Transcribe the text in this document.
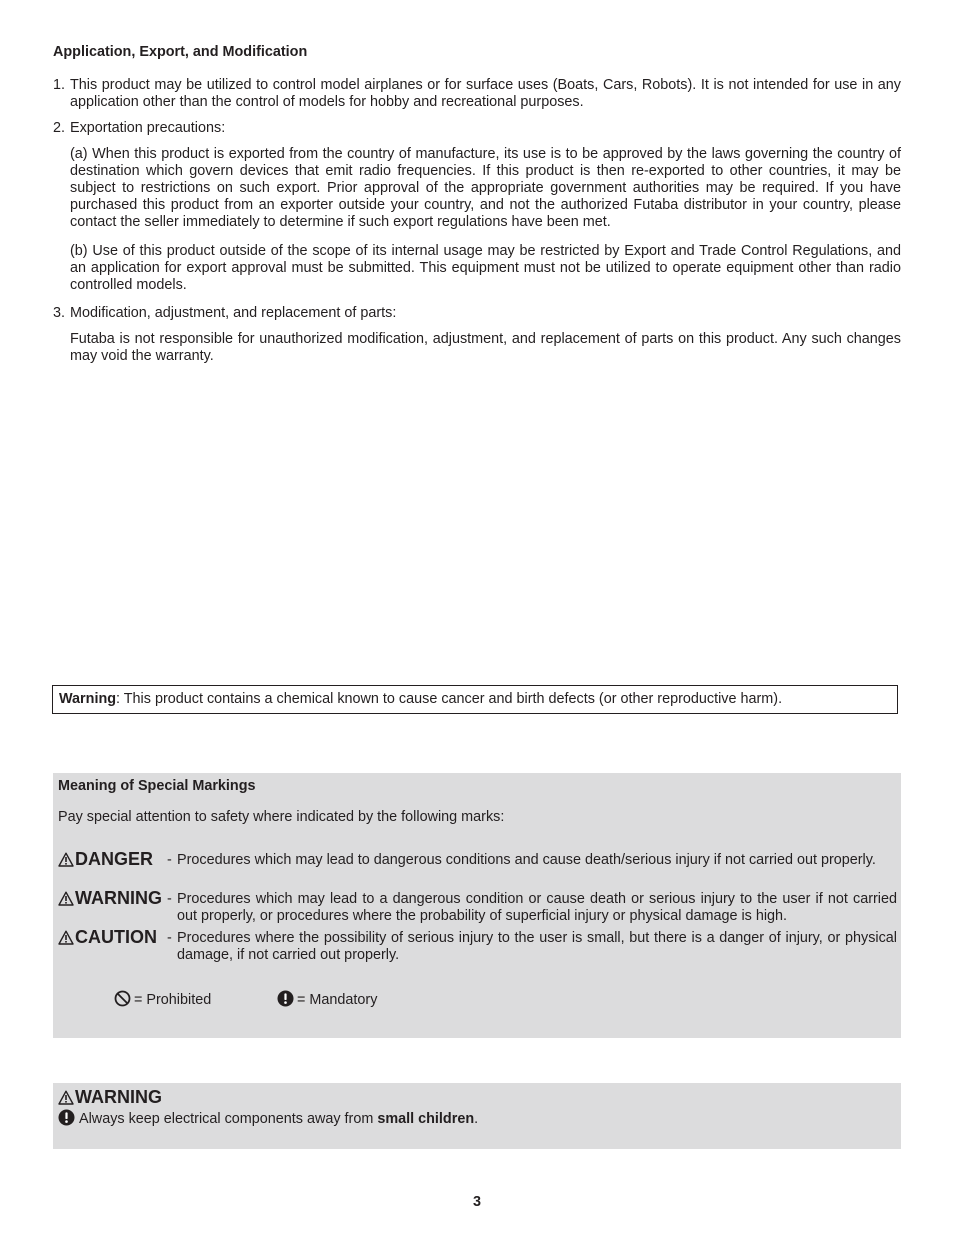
Application, Export, and Modification
1. This product may be utilized to control model airplanes or for surface uses (Boats, Cars, Robots). It is not intended for use in any application other than the control of models for hobby and recreational purposes.
2. Exportation precautions:
(a) When this product is exported from the country of manufacture, its use is to be approved by the laws governing the country of destination which govern devices that emit radio frequencies. If this product is then re-exported to other countries, it may be subject to restrictions on such export. Prior approval of the appropriate government authorities may be required. If you have purchased this product from an exporter outside your country, and not the authorized Futaba distributor in your country, please contact the seller immediately to determine if such export regulations have been met.
(b) Use of this product outside of the scope of its internal usage may be restricted by Export and Trade Control Regulations, and an application for export approval must be submitted. This equipment must not be utilized to operate equipment other than radio controlled models.
3. Modification, adjustment, and replacement of parts:
Futaba is not responsible for unauthorized modification, adjustment, and replacement of parts on this product. Any such changes may void the warranty.
Warning: This product contains a chemical known to cause cancer and birth defects (or other reproductive harm).
Meaning of Special Markings
Pay special attention to safety where indicated by the following marks:
DANGER - Procedures which may lead to dangerous conditions and cause death/serious injury if not carried out properly.
WARNING - Procedures which may lead to a dangerous condition or cause death or serious injury to the user if not carried out properly, or procedures where the probability of superficial injury or physical damage is high.
CAUTION - Procedures where the possibility of serious injury to the user is small, but there is a danger of injury, or physical damage, if not carried out properly.
= Prohibited	= Mandatory
WARNING
Always keep electrical components away from small children.
3
